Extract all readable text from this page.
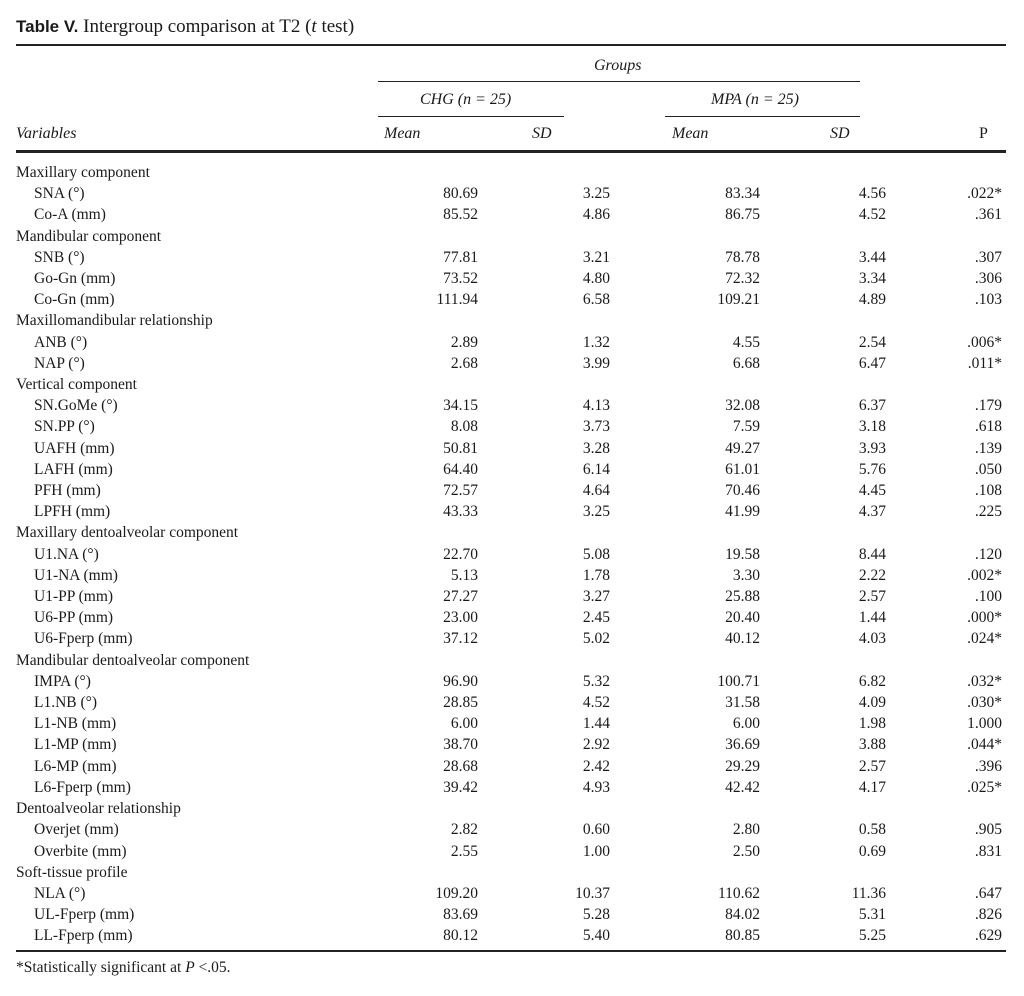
Table V. Intergroup comparison at T2 (t test)
Groups
CHG (n = 25)	MPA (n = 25)
Variables	Mean	SD	Mean	SD	P
Maxillary component					
SNA (°)	80.69	3.25	83.34	4.56	.022*
Co-A (mm)	85.52	4.86	86.75	4.52	.361
Mandibular component					
SNB (°)	77.81	3.21	78.78	3.44	.307
Go-Gn (mm)	73.52	4.80	72.32	3.34	.306
Co-Gn (mm)	111.94	6.58	109.21	4.89	.103
Maxillomandibular relationship					
ANB (°)	2.89	1.32	4.55	2.54	.006*
NAP (°)	2.68	3.99	6.68	6.47	.011*
Vertical component					
SN.GoMe (°)	34.15	4.13	32.08	6.37	.179
SN.PP (°)	8.08	3.73	7.59	3.18	.618
UAFH (mm)	50.81	3.28	49.27	3.93	.139
LAFH (mm)	64.40	6.14	61.01	5.76	.050
PFH (mm)	72.57	4.64	70.46	4.45	.108
LPFH (mm)	43.33	3.25	41.99	4.37	.225
Maxillary dentoalveolar component					
U1.NA (°)	22.70	5.08	19.58	8.44	.120
U1-NA (mm)	5.13	1.78	3.30	2.22	.002*
U1-PP (mm)	27.27	3.27	25.88	2.57	.100
U6-PP (mm)	23.00	2.45	20.40	1.44	.000*
U6-Fperp (mm)	37.12	5.02	40.12	4.03	.024*
Mandibular dentoalveolar component					
IMPA (°)	96.90	5.32	100.71	6.82	.032*
L1.NB (°)	28.85	4.52	31.58	4.09	.030*
L1-NB (mm)	6.00	1.44	6.00	1.98	1.000
L1-MP (mm)	38.70	2.92	36.69	3.88	.044*
L6-MP (mm)	28.68	2.42	29.29	2.57	.396
L6-Fperp (mm)	39.42	4.93	42.42	4.17	.025*
Dentoalveolar relationship					
Overjet (mm)	2.82	0.60	2.80	0.58	.905
Overbite (mm)	2.55	1.00	2.50	0.69	.831
Soft-tissue profile					
NLA (°)	109.20	10.37	110.62	11.36	.647
UL-Fperp (mm)	83.69	5.28	84.02	5.31	.826
LL-Fperp (mm)	80.12	5.40	80.85	5.25	.629
*Statistically significant at P <.05.
